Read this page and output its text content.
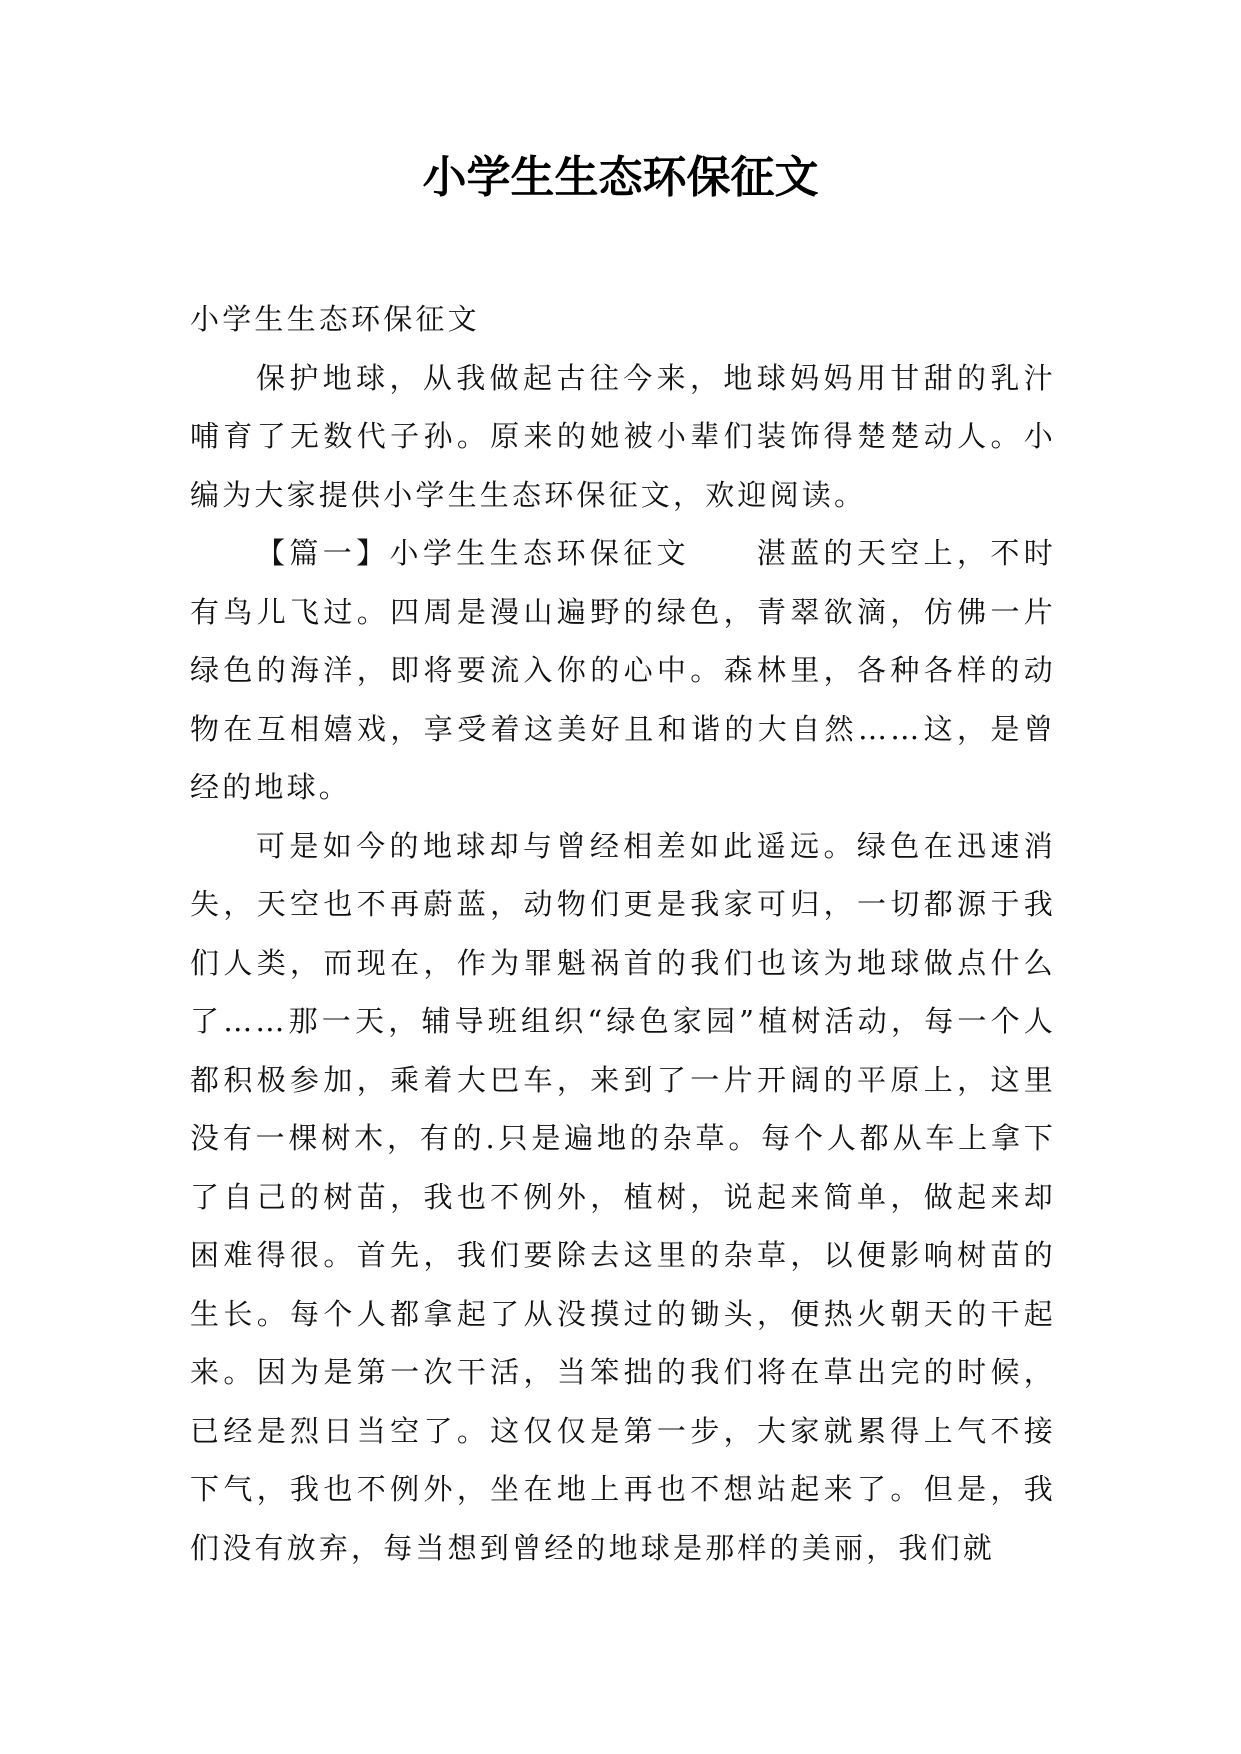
小学生生态环保征文

小学生生态环保征文

保护地球，从我做起古往今来，地球妈妈用甘甜的乳汁哺育了无数代子孙。原来的她被小辈们装饰得楚楚动人。小编为大家提供小学生生态环保征文，欢迎阅读。

【篇一】小学生生态环保征文　　湛蓝的天空上，不时有鸟儿飞过。四周是漫山遍野的绿色，青翠欲滴，仿佛一片绿色的海洋，即将要流入你的心中。森林里，各种各样的动物在互相嬉戏，享受着这美好且和谐的大自然……这，是曾经的地球。

可是如今的地球却与曾经相差如此遥远。绿色在迅速消失，天空也不再蔚蓝，动物们更是我家可归，一切都源于我们人类，而现在，作为罪魁祸首的我们也该为地球做点什么了……那一天，辅导班组织“绿色家园”植树活动，每一个人都积极参加，乘着大巴车，来到了一片开阔的平原上，这里没有一棵树木，有的.只是遍地的杂草。每个人都从车上拿下了自己的树苗，我也不例外，植树，说起来简单，做起来却困难得很。首先，我们要除去这里的杂草，以便影响树苗的生长。每个人都拿起了从没摸过的锄头，便热火朝天的干起来。因为是第一次干活，当笨拙的我们将在草出完的时候，已经是烈日当空了。这仅仅是第一步，大家就累得上气不接下气，我也不例外，坐在地上再也不想站起来了。但是，我们没有放弃，每当想到曾经的地球是那样的美丽，我们就
